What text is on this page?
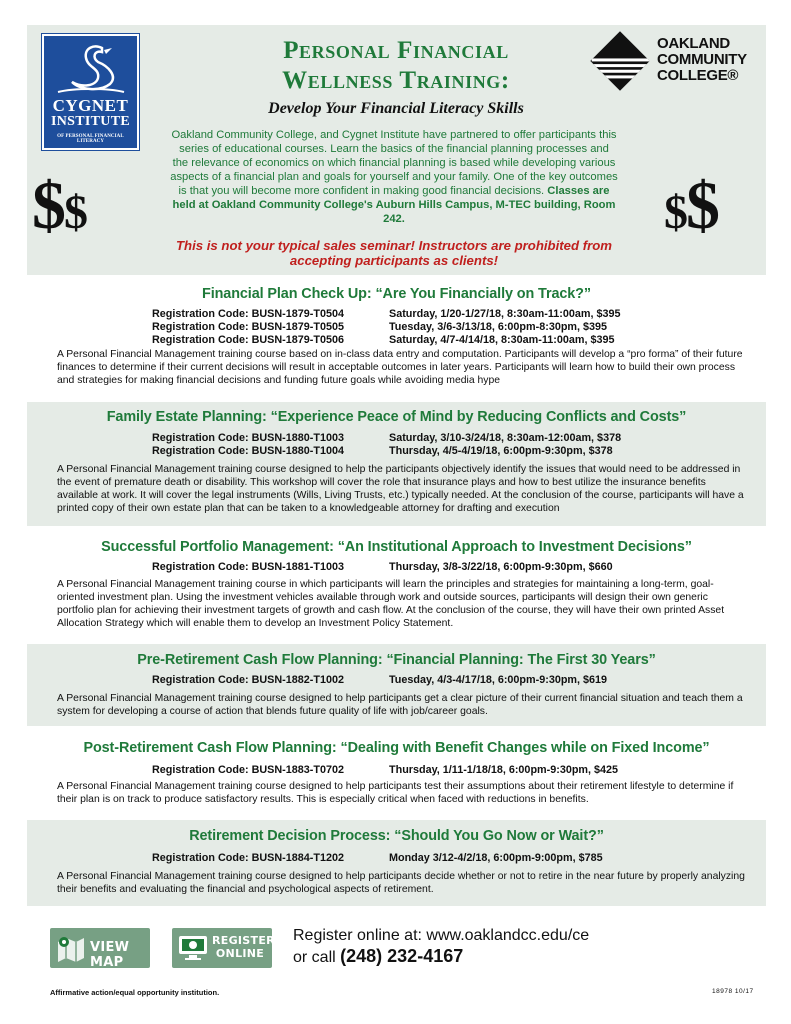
CYGNET
INSTITUTE
OF PERSONAL FINANCIAL LITERACY
OAKLAND
COMMUNITY
COLLEGE®
Personal Financial
Wellness Training:
Develop Your Financial Literacy Skills
Oakland Community College, and Cygnet Institute have partnered to offer participants this series of educational courses. Learn the basics of the financial planning processes and the relevance of economics on which financial planning is based while developing various aspects of a financial plan and goals for yourself and your family. One of the key outcomes is that you will become more confident in making good financial decisions. Classes are held at Oakland Community College's Auburn Hills Campus, M-TEC building, Room 242.
This is not your typical sales seminar! Instructors are prohibited from accepting participants as clients!
$$	$$
Financial Plan Check Up: “Are You Financially on Track?”
Registration Code: BUSN-1879-T0504	Saturday, 1/20-1/27/18, 8:30am-11:00am, $395
Registration Code: BUSN-1879-T0505	Tuesday, 3/6-3/13/18, 6:00pm-8:30pm, $395
Registration Code: BUSN-1879-T0506	Saturday, 4/7-4/14/18, 8:30am-11:00am, $395
A Personal Financial Management training course based on in-class data entry and computation. Participants will develop a “pro forma” of their future finances to determine if their current decisions will result in acceptable outcomes in later years. Participants will learn how to build their own process and strategies for making financial decisions and funding future goals while avoiding media hype
Family Estate Planning: “Experience Peace of Mind by Reducing Conflicts and Costs”
Registration Code: BUSN-1880-T1003	Saturday, 3/10-3/24/18, 8:30am-12:00am, $378
Registration Code: BUSN-1880-T1004	Thursday, 4/5-4/19/18, 6:00pm-9:30pm, $378
A Personal Financial Management training course designed to help the participants objectively identify the issues that would need to be addressed in the event of premature death or disability. This workshop will cover the role that insurance plays and how to best utilize the insurance benefits available at work. It will cover the legal instruments (Wills, Living Trusts, etc.) typically needed. At the conclusion of the course, participants will have a printed copy of their own estate plan that can be taken to a knowledgeable attorney for drafting and execution
Successful Portfolio Management: “An Institutional Approach to Investment Decisions”
Registration Code: BUSN-1881-T1003	Thursday, 3/8-3/22/18, 6:00pm-9:30pm, $660
A Personal Financial Management training course in which participants will learn the principles and strategies for maintaining a long-term, goal-oriented investment plan. Using the investment vehicles available through work and outside sources, participants will design their own generic portfolio plan for achieving their investment targets of growth and cash flow. At the conclusion of the course, they will have their own printed Asset Allocation Strategy which will enable them to develop an Investment Policy Statement.
Pre-Retirement Cash Flow Planning: “Financial Planning: The First 30 Years”
Registration Code: BUSN-1882-T1002	Tuesday, 4/3-4/17/18, 6:00pm-9:30pm, $619
A Personal Financial Management training course designed to help participants get a clear picture of their current financial situation and teach them a system for developing a course of action that blends future quality of life with job/career goals.
Post-Retirement Cash Flow Planning: “Dealing with Benefit Changes while on Fixed Income”
Registration Code: BUSN-1883-T0702	Thursday, 1/11-1/18/18, 6:00pm-9:30pm, $425
A Personal Financial Management training course designed to help participants test their assumptions about their retirement lifestyle to determine if their plan is on track to produce satisfactory results. This is especially critical when faced with reductions in benefits.
Retirement Decision Process: “Should You Go Now or Wait?”
Registration Code: BUSN-1884-T1202	Monday 3/12-4/2/18, 6:00pm-9:00pm, $785
A Personal Financial Management training course designed to help participants decide whether or not to retire in the near future by properly analyzing their benefits and evaluating the financial and psychological aspects of retirement.
VIEW MAP
REGISTER
ONLINE
Register online at: www.oaklandcc.edu/ce
or call (248) 232-4167
Affirmative action/equal opportunity institution.	18978 10/17
